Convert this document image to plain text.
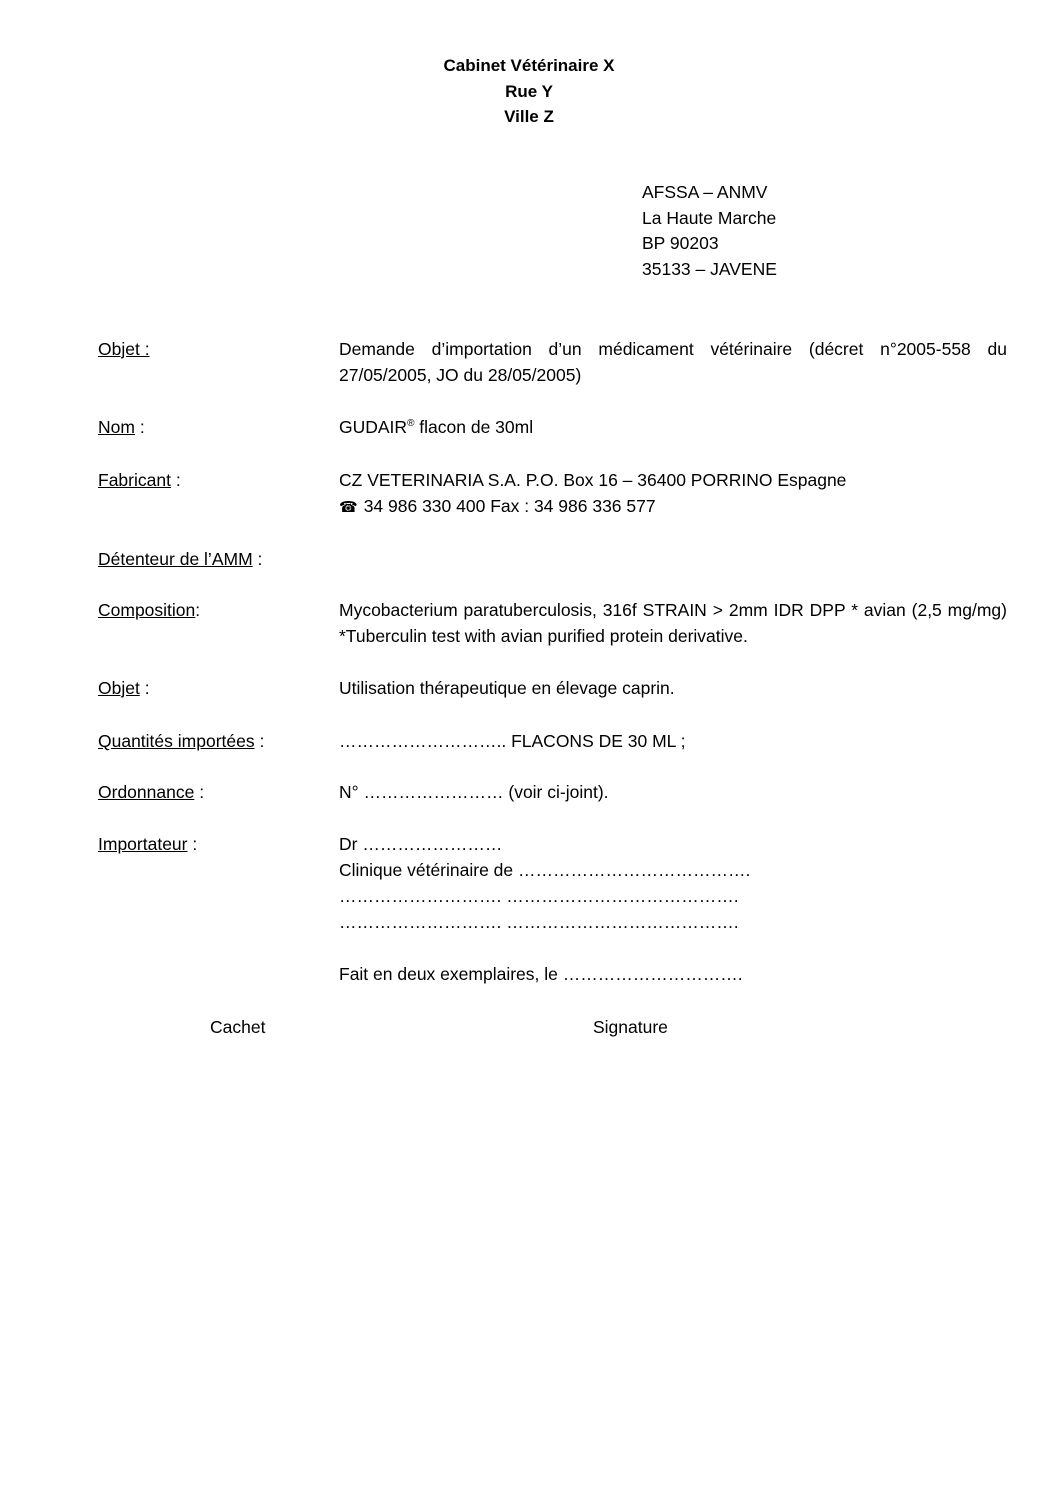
Cabinet Vétérinaire X
Rue Y
Ville Z
AFSSA – ANMV
La Haute Marche
BP 90203
35133 – JAVENE
Objet :	Demande d’importation d’un médicament vétérinaire (décret n°2005-558 du 27/05/2005, JO du 28/05/2005)
Nom :	GUDAIR® flacon de 30ml
Fabricant :	CZ VETERINARIA S.A. P.O. Box 16 – 36400 PORRINO Espagne
☎ 34 986 330 400 Fax : 34 986 336 577
Détenteur de l’AMM :
Composition:	Mycobacterium paratuberculosis, 316f STRAIN > 2mm IDR DPP * avian (2,5 mg/mg) *Tuberculin test with avian purified protein derivative.
Objet :	Utilisation thérapeutique en élevage caprin.
Quantités importées :	……………………….. FLACONS DE 30 ML ;
Ordonnance :	N° …………………… (voir ci-joint).
Importateur :	Dr ……………………
Clinique vétérinaire de ………………………………….
………………………. ………………………………….
………………………. ………………………………….
Fait en deux exemplaires, le ………………………….
Cachet	Signature
